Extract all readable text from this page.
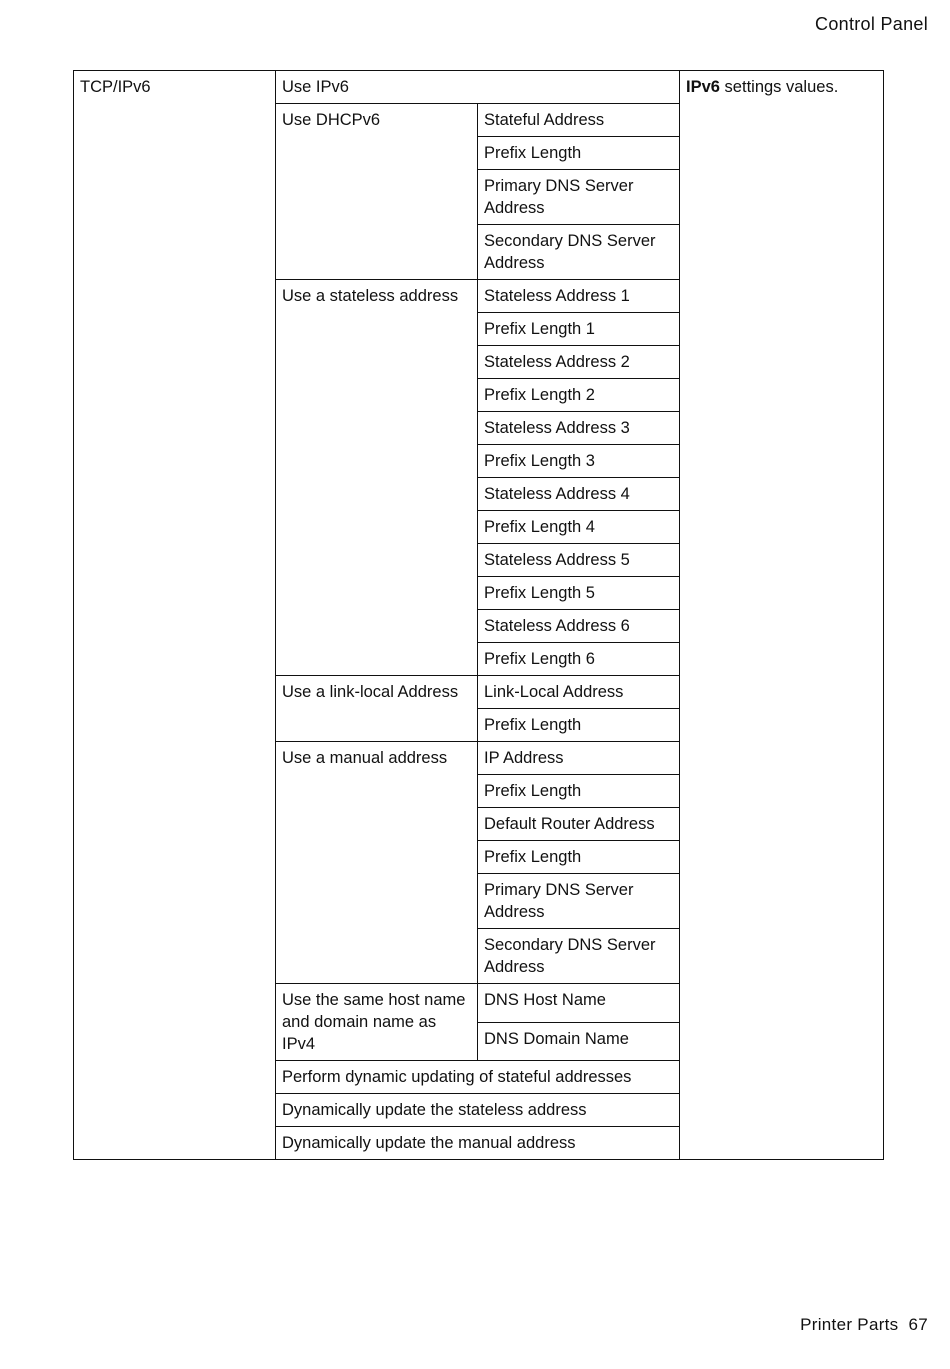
Control Panel
TCP/IPv6	Use IPv6		IPv6 settings values.
	Use DHCPv6	Stateful Address	
		Prefix Length	
		Primary DNS Server Address	
		Secondary DNS Server Address	
	Use a stateless address	Stateless Address 1	
		Prefix Length 1	
		Stateless Address 2	
		Prefix Length 2	
		Stateless Address 3	
		Prefix Length 3	
		Stateless Address 4	
		Prefix Length 4	
		Stateless Address 5	
		Prefix Length 5	
		Stateless Address 6	
		Prefix Length 6	
	Use a link-local Address	Link-Local Address	
		Prefix Length	
	Use a manual address	IP Address	
		Prefix Length	
		Default Router Address	
		Prefix Length	
		Primary DNS Server Address	
		Secondary DNS Server Address	
	Use the same host name and domain name as IPv4	DNS Host Name	
		DNS Domain Name	
	Perform dynamic updating of stateful addresses		
	Dynamically update the stateless address		
	Dynamically update the manual address		
Printer Parts 67
